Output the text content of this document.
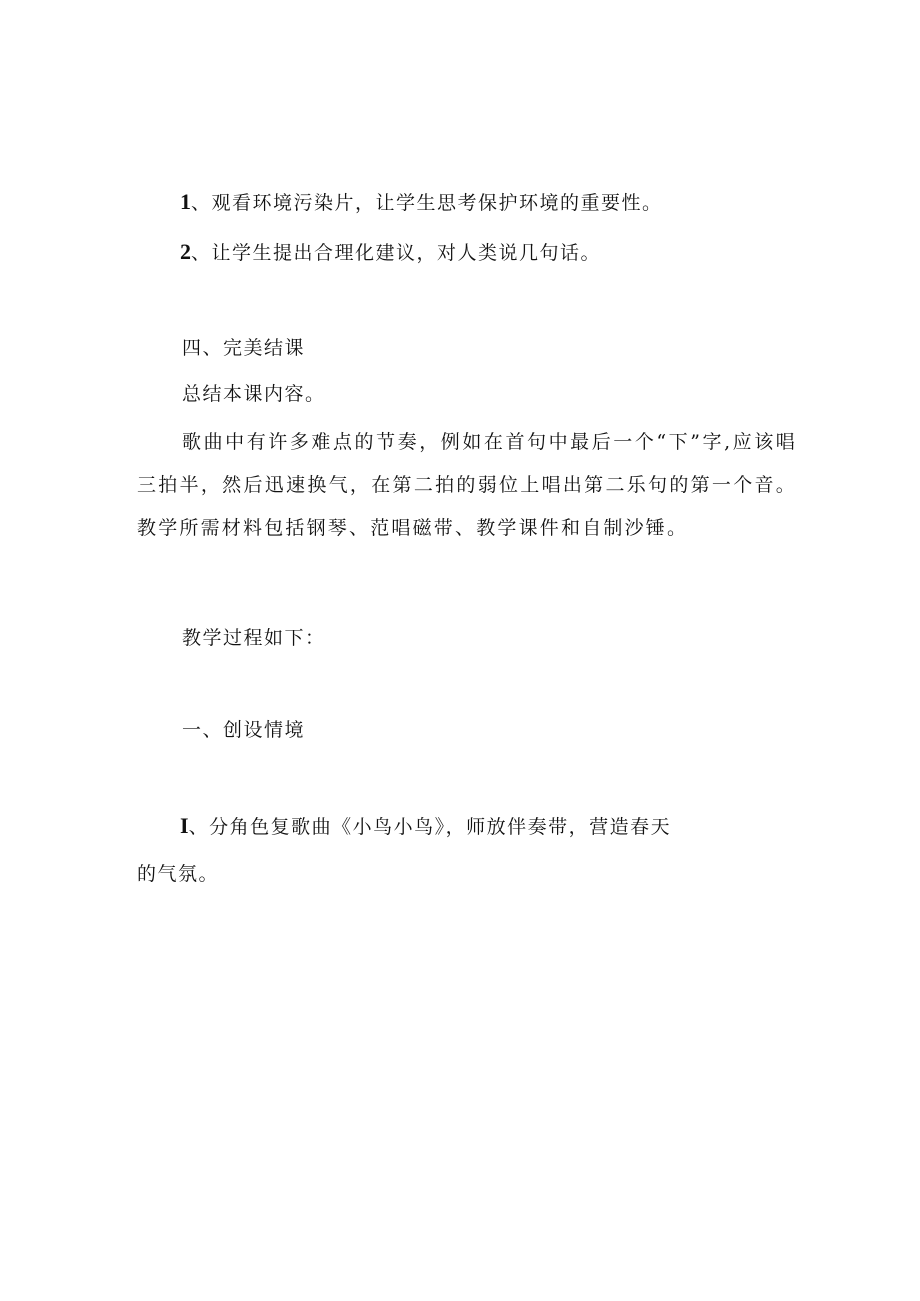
1、观看环境污染片，让学生思考保护环境的重要性。
2、让学生提出合理化建议，对人类说几句话。
四、完美结课
总结本课内容。
歌曲中有许多难点的节奏，例如在首句中最后一个“下”字,应该唱三拍半，然后迅速换气，在第二拍的弱位上唱出第二乐句的第一个音。教学所需材料包括钢琴、范唱磁带、教学课件和自制沙锤。
教学过程如下：
一、创设情境
I、分角色复歌曲《小鸟小鸟》，师放伴奏带，营造春天
的气氛。
